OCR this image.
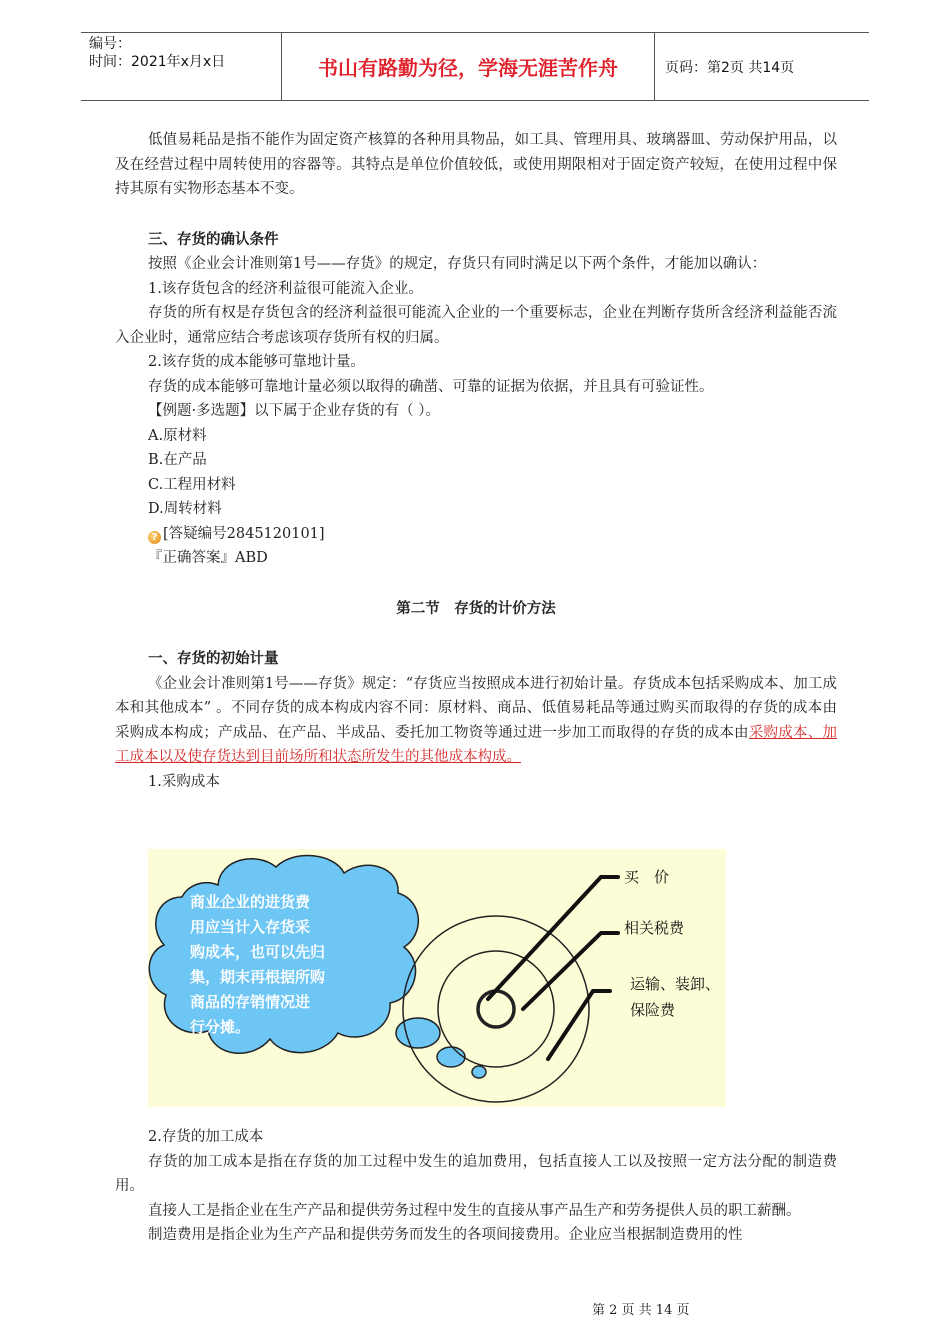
编号：
时间：2021年x月x日	书山有路勤为径，学海无涯苦作舟	页码：第2页 共14页

低值易耗品是指不能作为固定资产核算的各种用具物品，如工具、管理用具、玻璃器皿、劳动保护用品，以及在经营过程中周转使用的容器等。其特点是单位价值较低，或使用期限相对于固定资产较短，在使用过程中保持其原有实物形态基本不变。

三、存货的确认条件

按照《企业会计准则第1号——存货》的规定，存货只有同时满足以下两个条件，才能加以确认：

1.该存货包含的经济利益很可能流入企业。

存货的所有权是存货包含的经济利益很可能流入企业的一个重要标志，企业在判断存货所含经济利益能否流入企业时，通常应结合考虑该项存货所有权的归属。

2.该存货的成本能够可靠地计量。

存货的成本能够可靠地计量必须以取得的确凿、可靠的证据为依据，并且具有可验证性。

【例题·多选题】以下属于企业存货的有（ ）。

A.原材料

B.在产品

C.工程用材料

D.周转材料

? [答疑编号2845120101]

『正确答案』ABD

第二节　存货的计价方法

一、存货的初始计量

《企业会计准则第1号——存货》规定：“存货应当按照成本进行初始计量。存货成本包括采购成本、加工成本和其他成本” 。不同存货的成本构成内容不同：原材料、商品、低值易耗品等通过购买而取得的存货的成本由采购成本构成；产成品、在产品、半成品、委托加工物资等通过进一步加工而取得的存货的成本由采购成本、加工成本以及使存货达到目前场所和状态所发生的其他成本构成。

1.采购成本

商业企业的进货费
用应当计入存货采
购成本，也可以先归
集，期末再根据所购
商品的存销情况进
行分摊。
买　价
相关税费
运输、装卸、
保险费

2.存货的加工成本

存货的加工成本是指在存货的加工过程中发生的追加费用，包括直接人工以及按照一定方法分配的制造费用。

直接人工是指企业在生产产品和提供劳务过程中发生的直接从事产品生产和劳务提供人员的职工薪酬。

制造费用是指企业为生产产品和提供劳务而发生的各项间接费用。企业应当根据制造费用的性

第 2 页 共 14 页
